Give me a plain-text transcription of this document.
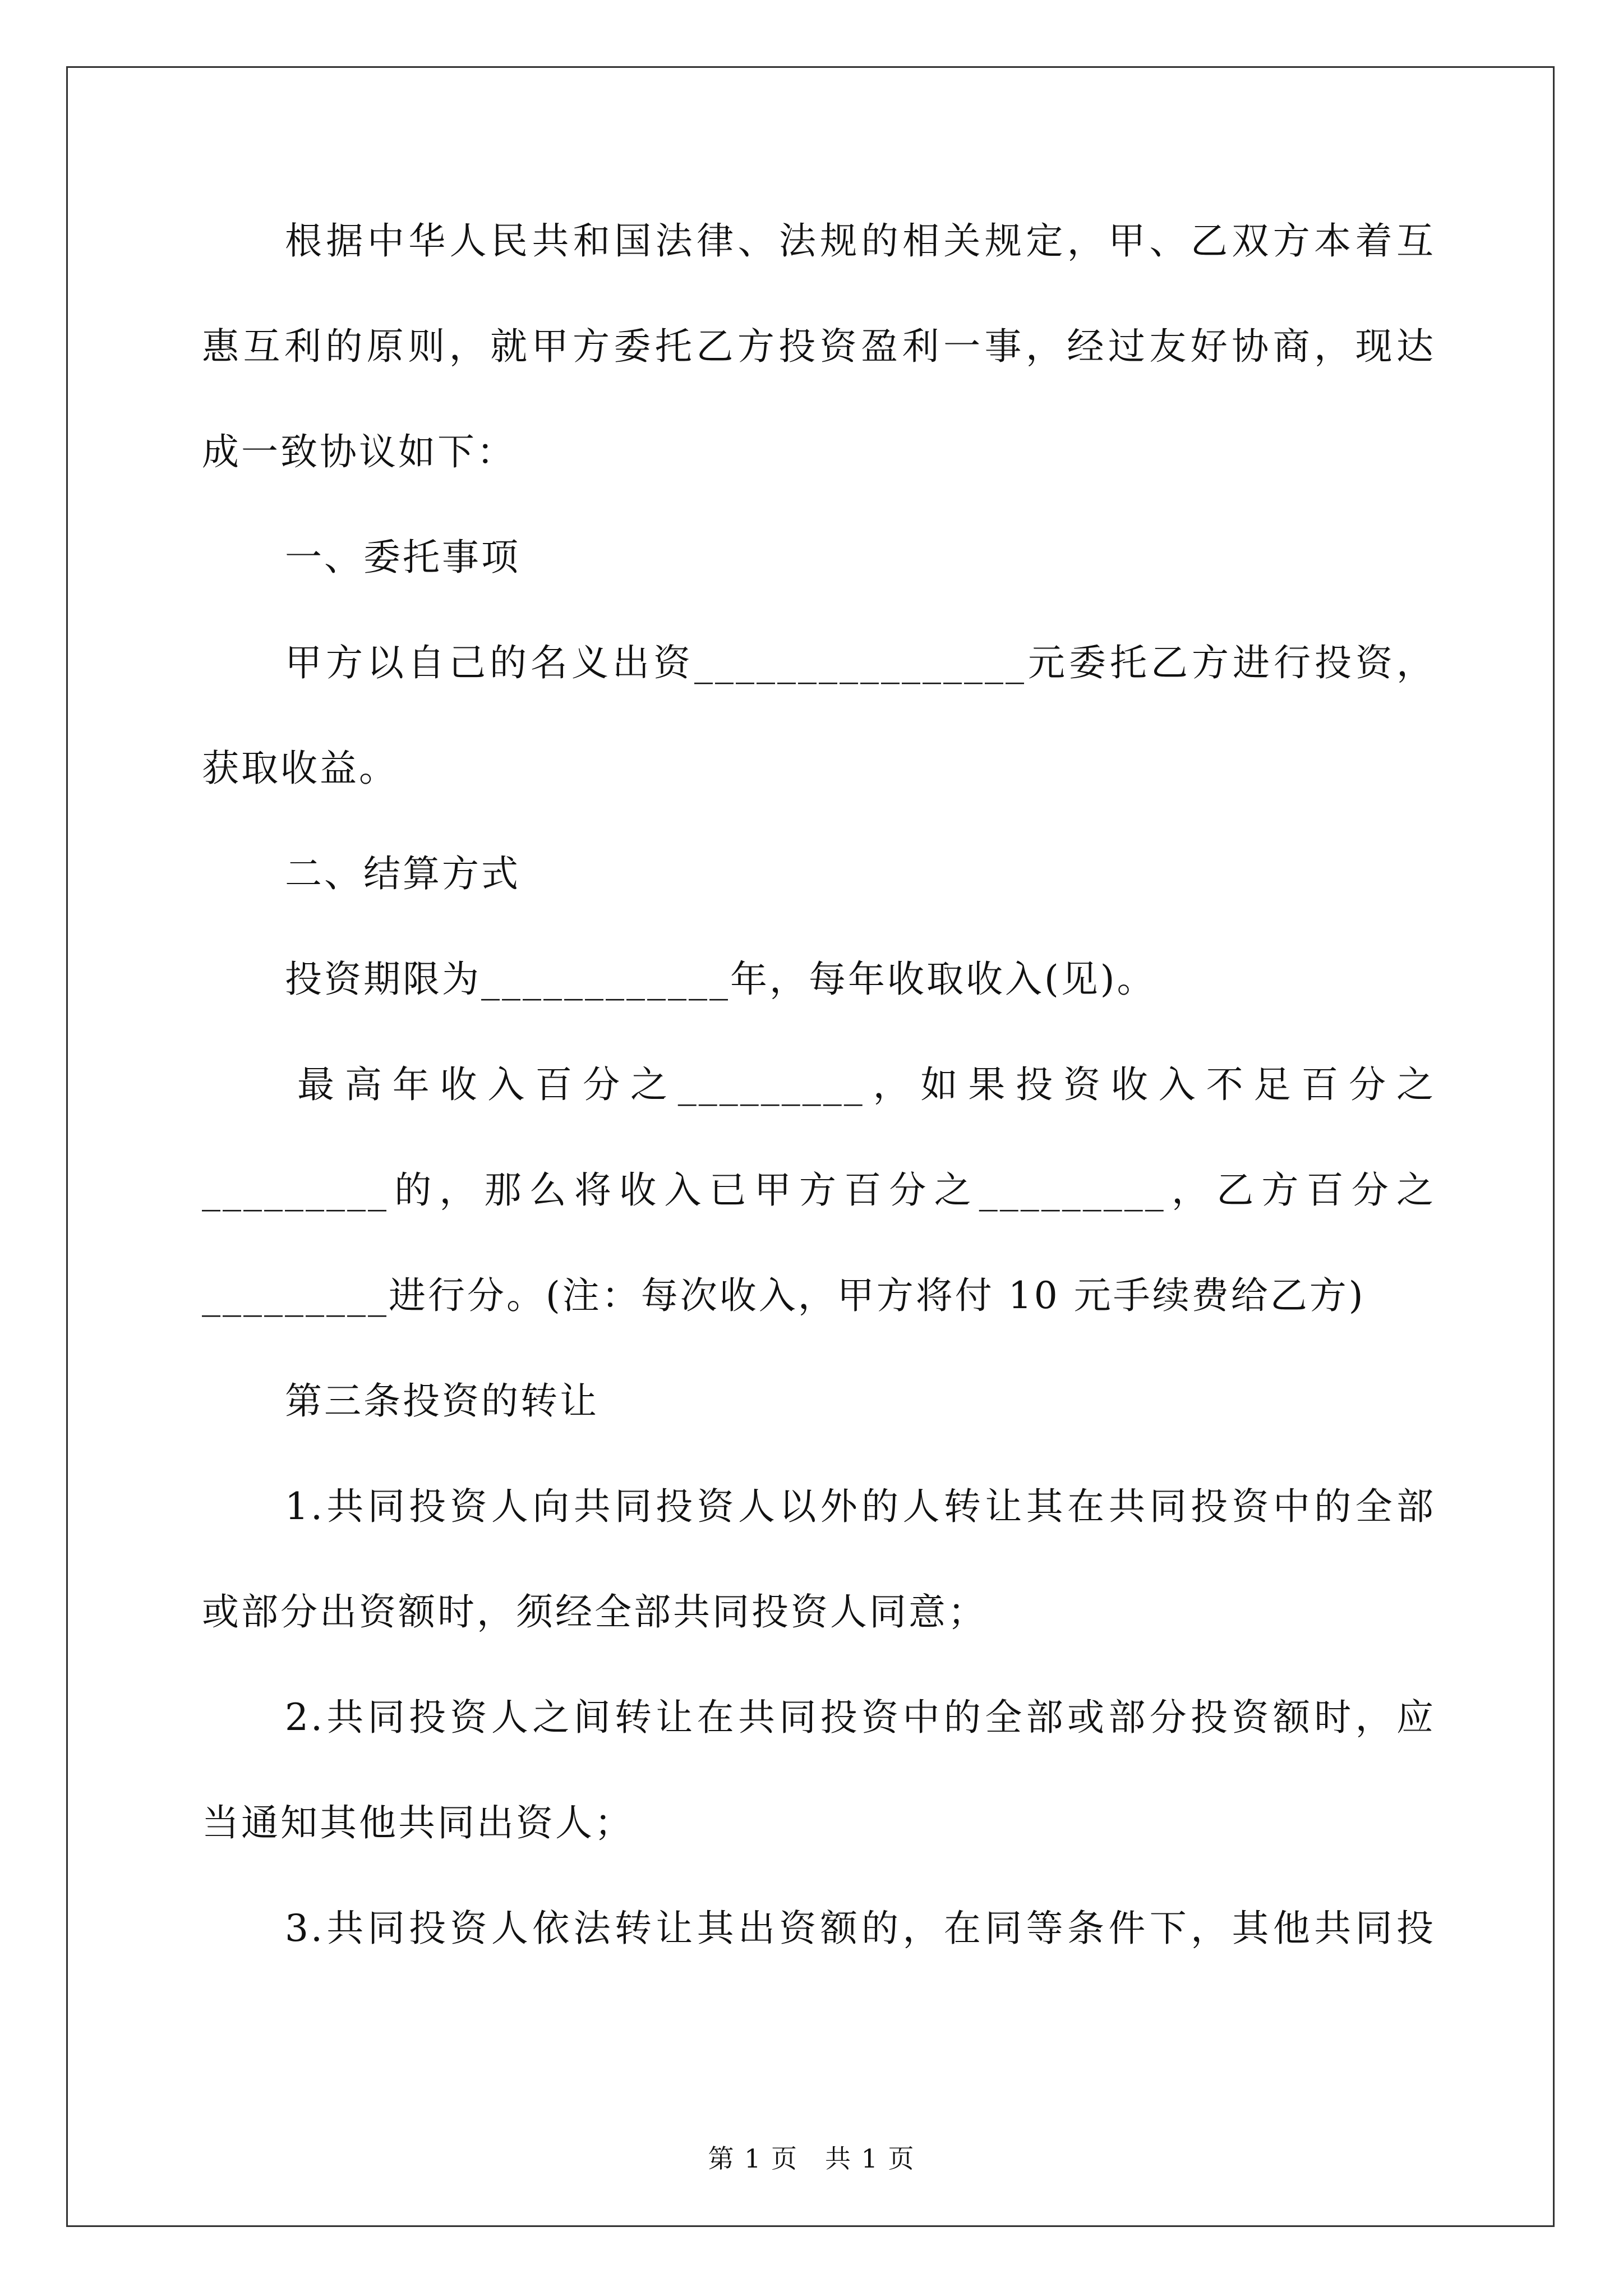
根据中华人民共和国法律、法规的相关规定，甲、乙双方本着互
惠互利的原则，就甲方委托乙方投资盈利一事，经过友好协商，现达
成一致协议如下：
一、委托事项
甲方以自己的名义出资________________元委托乙方进行投资，
获取收益。
二、结算方式
投资期限为____________年，每年收取收入(见)。
最高年收入百分之_________，如果投资收入不足百分之
_________的，那么将收入已甲方百分之_________，乙方百分之
_________进行分。(注：每次收入，甲方将付 10 元手续费给乙方)
第三条投资的转让
1.共同投资人向共同投资人以外的人转让其在共同投资中的全部
或部分出资额时，须经全部共同投资人同意；
2.共同投资人之间转让在共同投资中的全部或部分投资额时，应
当通知其他共同出资人；
3.共同投资人依法转让其出资额的，在同等条件下，其他共同投
第 1 页　共 1 页
